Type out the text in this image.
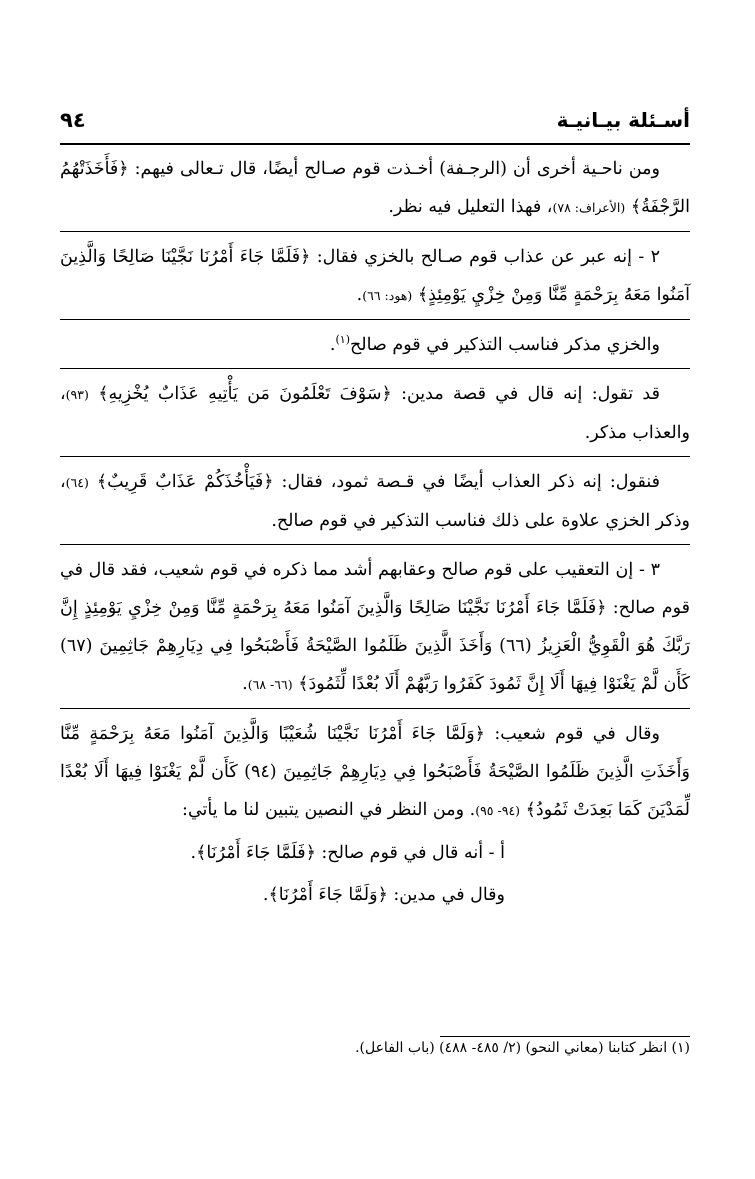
أسـئلة بيـانيـة
٩٤

ومن ناحـية أخرى أن (الرجـفة) أخـذت قوم صـالح أيضًا، قال تـعالى فيهم: ﴿فَأَخَذَتْهُمُ الرَّجْفَةُ﴾ (الأعراف: ٧٨)، فهذا التعليل فيه نظر.

٢ - إنه عبر عن عذاب قوم صـالح بالخزي فقال: ﴿فَلَمَّا جَاءَ أَمْرُنَا نَجَّيْنَا صَالِحًا وَالَّذِينَ آمَنُوا مَعَهُ بِرَحْمَةٍ مِّنَّا وَمِنْ خِزْيِ يَوْمِئِذٍ﴾ (هود: ٦٦).

والخزي مذكر فناسب التذكير في قوم صالح$^{(١)}$.

قد تقول: إنه قال في قصة مدين: ﴿سَوْفَ تَعْلَمُونَ مَن يَأْتِيهِ عَذَابٌ يُخْزِيهِ﴾ (٩٣)، والعذاب مذكر.

فنقول: إنه ذكر العذاب أيضًا في قـصة ثمود، فقال: ﴿فَيَأْخُذَكُمْ عَذَابٌ قَرِيبٌ﴾ (٦٤)، وذكر الخزي علاوة على ذلك فناسب التذكير في قوم صالح.

٣ - إن التعقيب على قوم صالح وعقابهم أشد مما ذكره في قوم شعيب، فقد قال في قوم صالح: ﴿فَلَمَّا جَاءَ أَمْرُنَا نَجَّيْنَا صَالِحًا وَالَّذِينَ آمَنُوا مَعَهُ بِرَحْمَةٍ مِّنَّا وَمِنْ خِزْيِ يَوْمِئِذٍ إِنَّ رَبَّكَ هُوَ الْقَوِيُّ الْعَزِيزُ (٦٦) وَأَخَذَ الَّذِينَ ظَلَمُوا الصَّيْحَةُ فَأَصْبَحُوا فِي دِيَارِهِمْ جَاثِمِينَ (٦٧) كَأَن لَّمْ يَغْنَوْا فِيهَا أَلَا إِنَّ ثَمُودَ كَفَرُوا رَبَّهُمْ أَلَا بُعْدًا لِّثَمُودَ﴾ (٦٦- ٦٨).

وقال في قوم شعيب: ﴿وَلَمَّا جَاءَ أَمْرُنَا نَجَّيْنَا شُعَيْبًا وَالَّذِينَ آمَنُوا مَعَهُ بِرَحْمَةٍ مِّنَّا وَأَخَذَتِ الَّذِينَ ظَلَمُوا الصَّيْحَةُ فَأَصْبَحُوا فِي دِيَارِهِمْ جَاثِمِينَ (٩٤) كَأَن لَّمْ يَغْنَوْا فِيهَا أَلَا بُعْدًا لِّمَدْيَنَ كَمَا بَعِدَتْ ثَمُودُ﴾ (٩٤- ٩٥). ومن النظر في النصين يتبين لنا ما يأتي:

أ - أنه قال في قوم صالح: ﴿فَلَمَّا جَاءَ أَمْرُنَا﴾.

وقال في مدين: ﴿وَلَمَّا جَاءَ أَمْرُنَا﴾.

(١) انظر كتابنا (معاني النحو) (٢/ ٤٨٥- ٤٨٨) (باب الفاعل).
